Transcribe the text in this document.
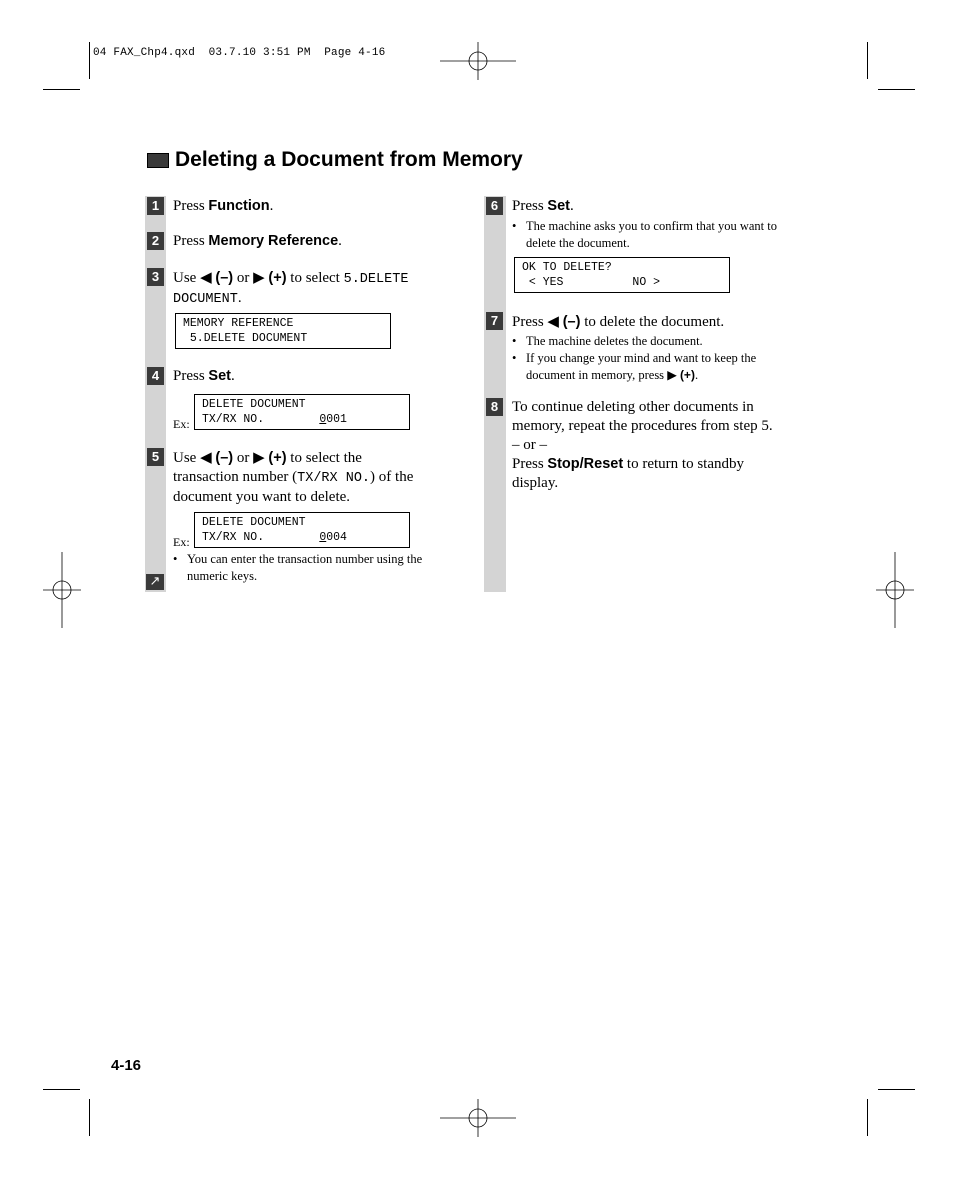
04 FAX_Chp4.qxd  03.7.10 3:51 PM  Page 4-16
Deleting a Document from Memory
1 Press Function.
2 Press Memory Reference.
3 Use ◀ (–) or ▶ (+) to select 5.DELETE
DOCUMENT.
MEMORY REFERENCE
5.DELETE DOCUMENT
4 Press Set.
Ex:
DELETE DOCUMENT
TX/RX NO.        0001
5 Use ◀ (–) or ▶ (+) to select the
transaction number (TX/RX NO.) of the
document you want to delete.
Ex:
DELETE DOCUMENT
TX/RX NO.        0004
• You can enter the transaction number using the
numeric keys.
↗
6 Press Set.
• The machine asks you to confirm that you want to
delete the document.
OK TO DELETE?
< YES          NO >
7 Press ◀ (–) to delete the document.
• The machine deletes the document.
• If you change your mind and want to keep the
document in memory, press ▶ (+).
8 To continue deleting other documents in
memory, repeat the procedures from step 5.
– or –
Press Stop/Reset to return to standby
display.
4-16
